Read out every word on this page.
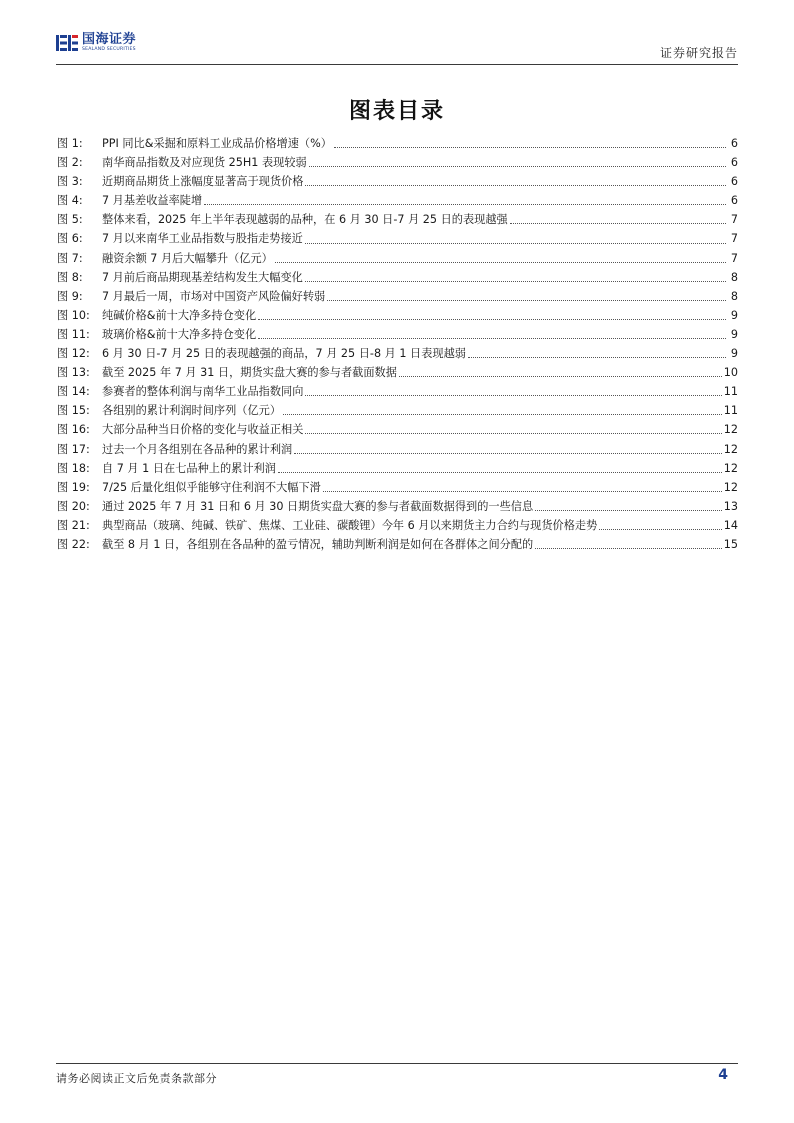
国海证券
SEALAND SECURITIES	证券研究报告
图表目录
图 1:	PPI 同比&采掘和原料工业成品价格增速（%）	6
图 2:	南华商品指数及对应现货 25H1 表现较弱	6
图 3:	近期商品期货上涨幅度显著高于现货价格	6
图 4:	7 月基差收益率陡增	6
图 5:	整体来看，2025 年上半年表现越弱的品种，在 6 月 30 日-7 月 25 日的表现越强	7
图 6:	7 月以来南华工业品指数与股指走势接近	7
图 7:	融资余额 7 月后大幅攀升（亿元）	7
图 8:	7 月前后商品期现基差结构发生大幅变化	8
图 9:	7 月最后一周，市场对中国资产风险偏好转弱	8
图 10:	纯碱价格&前十大净多持仓变化	9
图 11:	玻璃价格&前十大净多持仓变化	9
图 12:	6 月 30 日-7 月 25 日的表现越强的商品，7 月 25 日-8 月 1 日表现越弱	9
图 13:	截至 2025 年 7 月 31 日，期货实盘大赛的参与者截面数据	10
图 14:	参赛者的整体利润与南华工业品指数同向	11
图 15:	各组别的累计利润时间序列（亿元）	11
图 16:	大部分品种当日价格的变化与收益正相关	12
图 17:	过去一个月各组别在各品种的累计利润	12
图 18:	自 7 月 1 日在七品种上的累计利润	12
图 19:	7/25 后量化组似乎能够守住利润不大幅下滑	12
图 20:	通过 2025 年 7 月 31 日和 6 月 30 日期货实盘大赛的参与者截面数据得到的一些信息	13
图 21:	典型商品（玻璃、纯碱、铁矿、焦煤、工业硅、碳酸锂）今年 6 月以来期货主力合约与现货价格走势	14
图 22:	截至 8 月 1 日，各组别在各品种的盈亏情况，辅助判断利润是如何在各群体之间分配的	15
请务必阅读正文后免责条款部分	4
